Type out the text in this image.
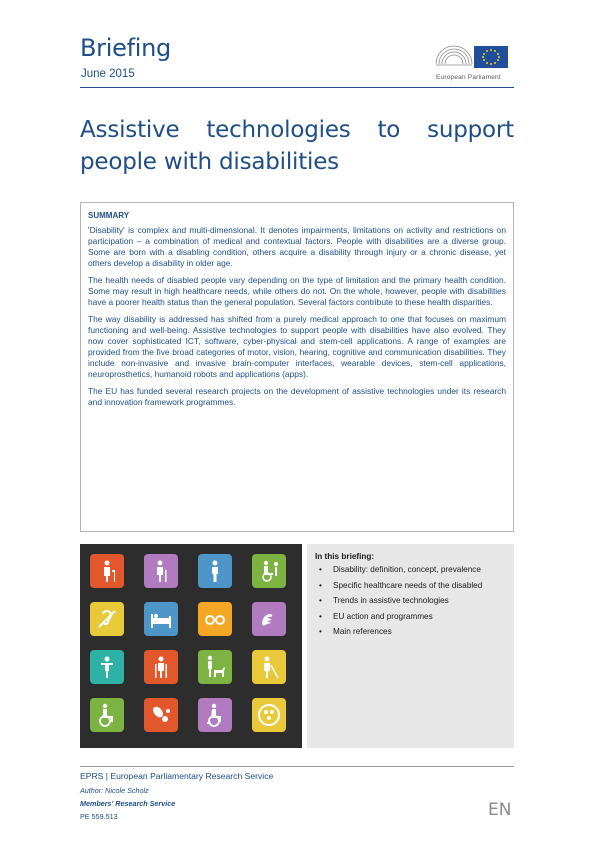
Briefing
June 2015	European Parliament
Assistive technologies to support
people with disabilities
SUMMARY

'Disability' is complex and multi-dimensional. It denotes impairments, limitations on activity and restrictions on participation – a combination of medical and contextual factors. People with disabilities are a diverse group. Some are born with a disabling condition, others acquire a disability through injury or a chronic disease, yet others develop a disability in older age.

The health needs of disabled people vary depending on the type of limitation and the primary health condition. Some may result in high healthcare needs, while others do not. On the whole, however, people with disabilities have a poorer health status than the general population. Several factors contribute to these health disparities.

The way disability is addressed has shifted from a purely medical approach to one that focuses on maximum functioning and well-being. Assistive technologies to support people with disabilities have also evolved. They now cover sophisticated ICT, software, cyber-physical and stem-cell applications. A range of examples are provided from the five broad categories of motor, vision, hearing, cognitive and communication disabilities. They include non-invasive and invasive brain-computer interfaces, wearable devices, stem-cell applications, neuroprosthetics, humanoid robots and applications (apps).

The EU has funded several research projects on the development of assistive technologies under its research and innovation framework programmes.

In this briefing:
• Disability: definition, concept, prevalence
• Specific healthcare needs of the disabled
• Trends in assistive technologies
• EU action and programmes
• Main references
EPRS | European Parliamentary Research Service
Author: Nicole Scholz
Members' Research Service
PE 559.513	EN
